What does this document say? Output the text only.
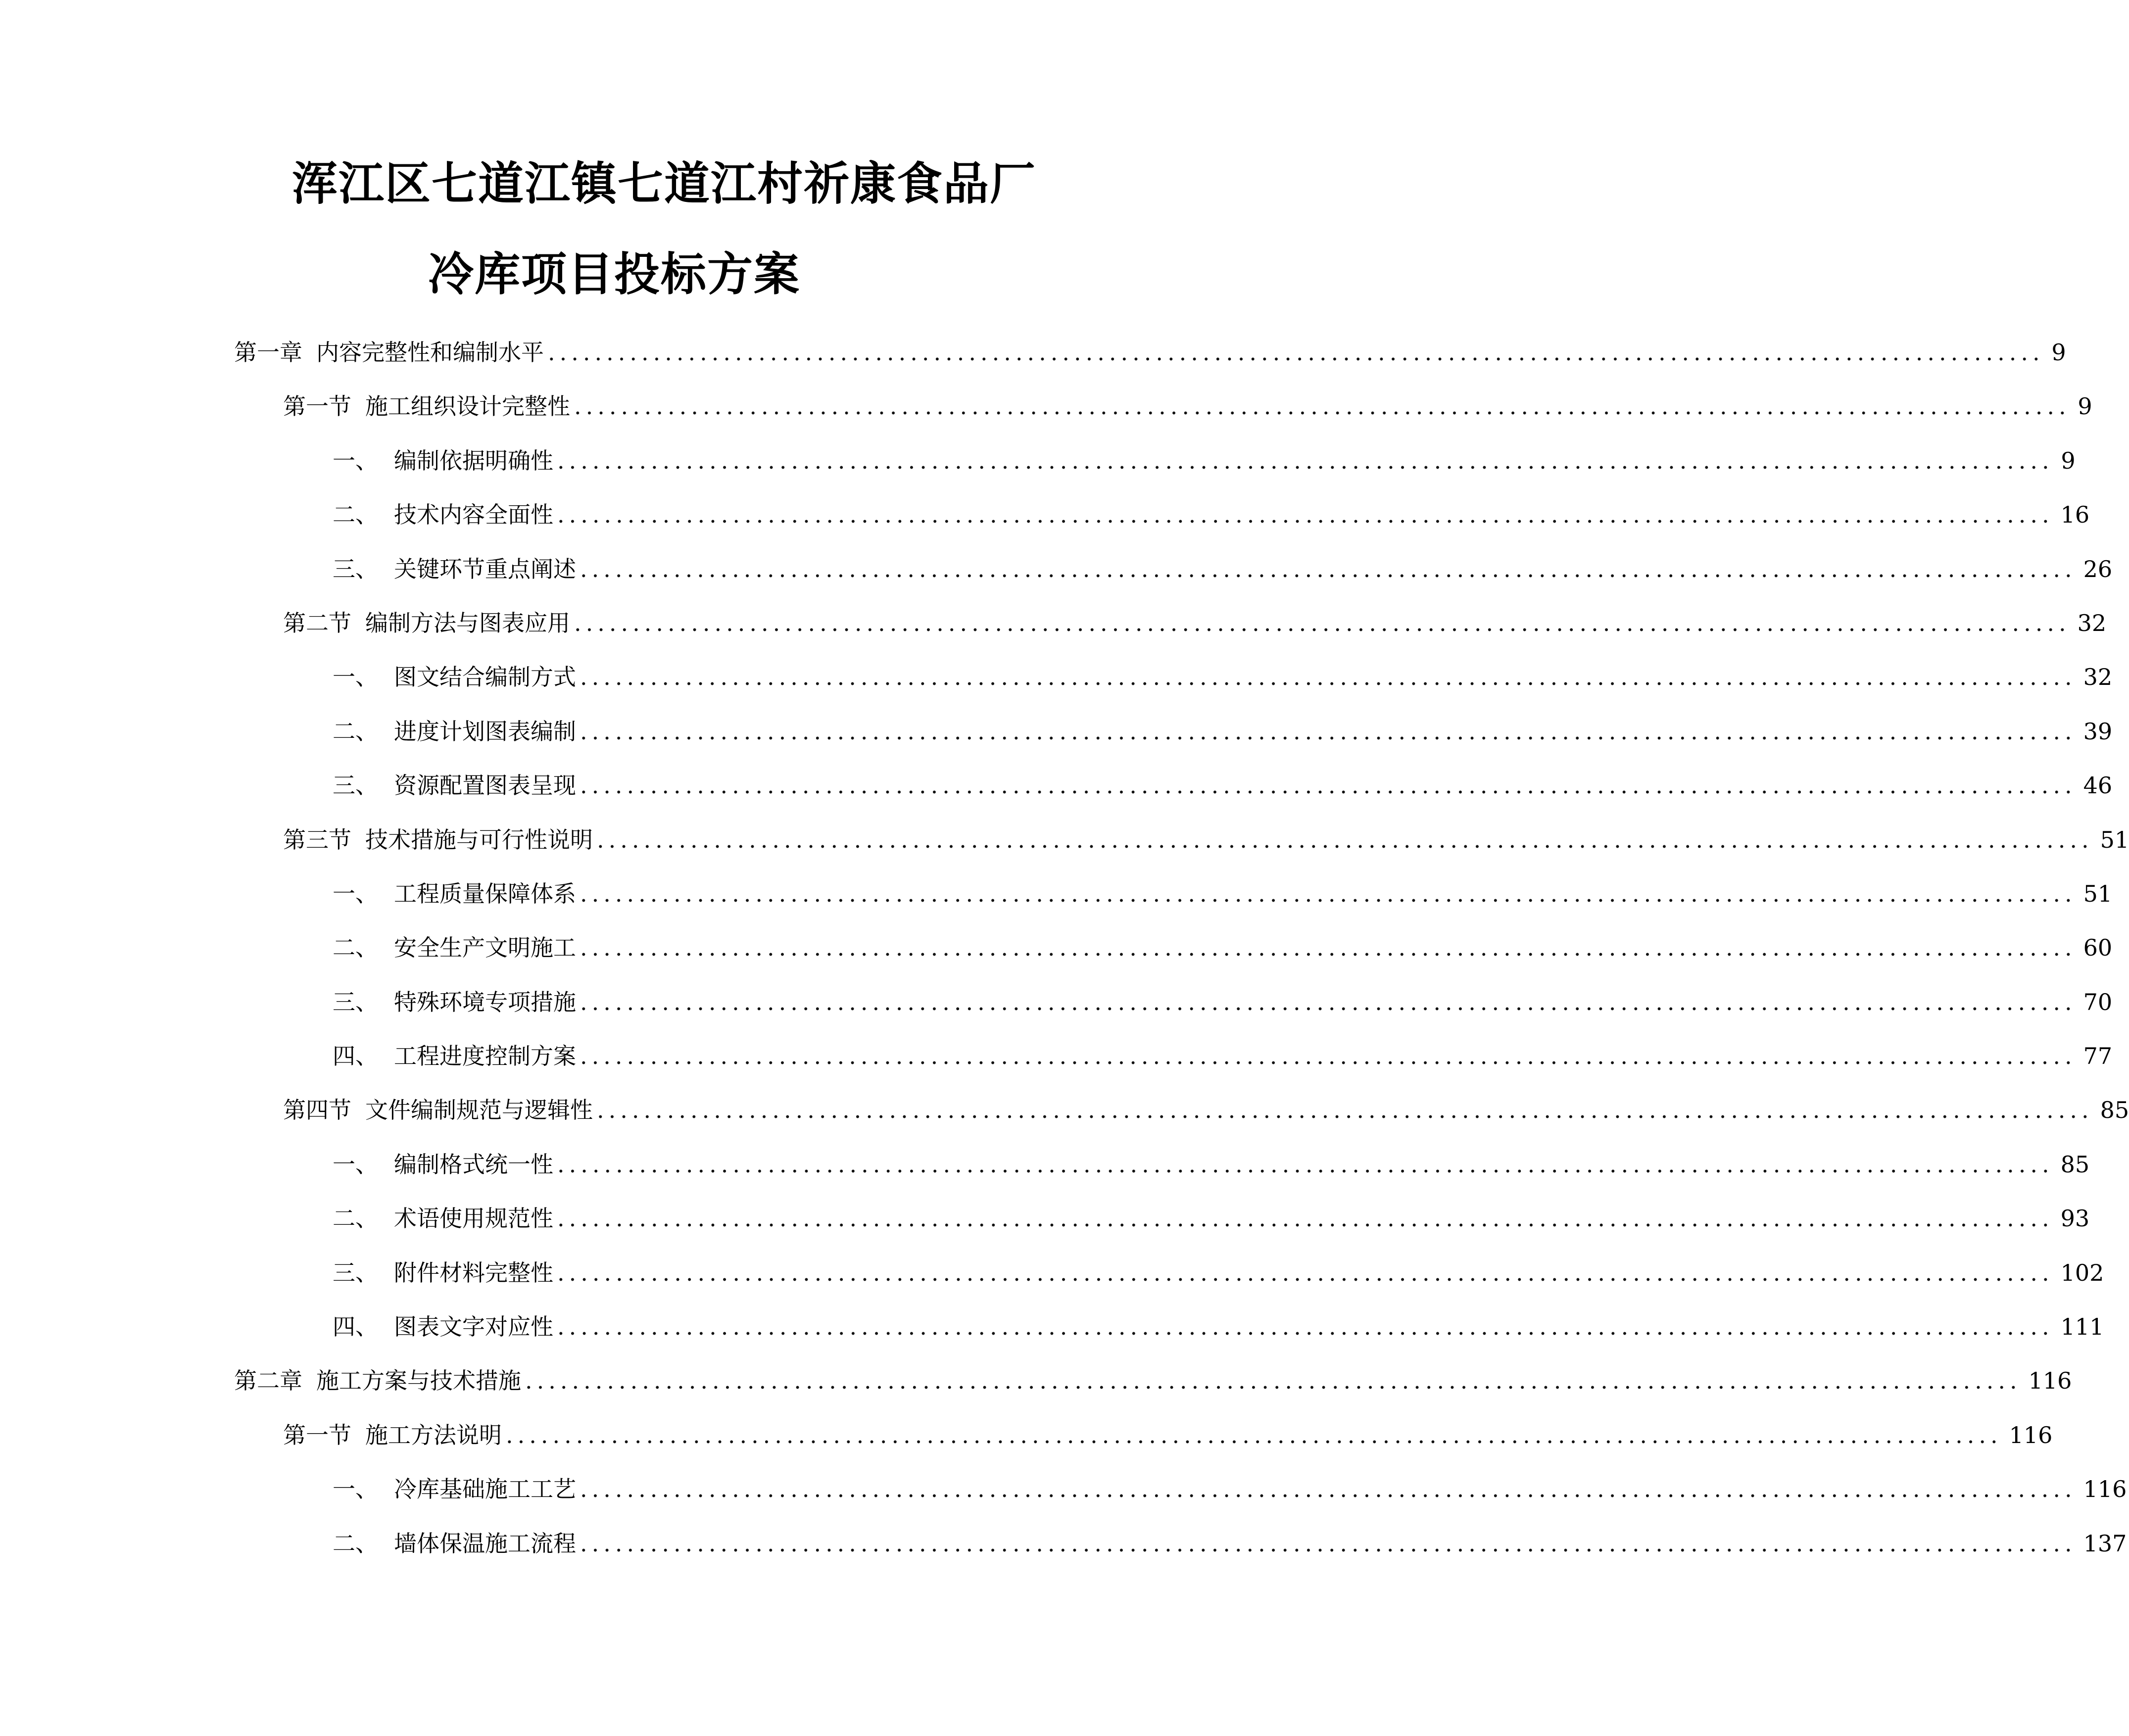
浑江区七道江镇七道江村祈康食品厂
冷库项目投标方案
第一章 内容完整性和编制水平 ................................................................................................................................ 9
第一节 施工组织设计完整性 ................................................................................................................................ 9
一、 编制依据明确性 ................................................................................................................................ 9
二、 技术内容全面性 ................................................................................................................................ 16
三、 关键环节重点阐述 ................................................................................................................................ 26
第二节 编制方法与图表应用 ................................................................................................................................ 32
一、 图文结合编制方式 ................................................................................................................................ 32
二、 进度计划图表编制 ................................................................................................................................ 39
三、 资源配置图表呈现 ................................................................................................................................ 46
第三节 技术措施与可行性说明 ................................................................................................................................ 51
一、 工程质量保障体系 ................................................................................................................................ 51
二、 安全生产文明施工 ................................................................................................................................ 60
三、 特殊环境专项措施 ................................................................................................................................ 70
四、 工程进度控制方案 ................................................................................................................................ 77
第四节 文件编制规范与逻辑性 ................................................................................................................................ 85
一、 编制格式统一性 ................................................................................................................................ 85
二、 术语使用规范性 ................................................................................................................................ 93
三、 附件材料完整性 ................................................................................................................................ 102
四、 图表文字对应性 ................................................................................................................................ 111
第二章 施工方案与技术措施 ................................................................................................................................ 116
第一节 施工方法说明 ................................................................................................................................ 116
一、 冷库基础施工工艺 ................................................................................................................................ 116
二、 墙体保温施工流程 ................................................................................................................................ 137
